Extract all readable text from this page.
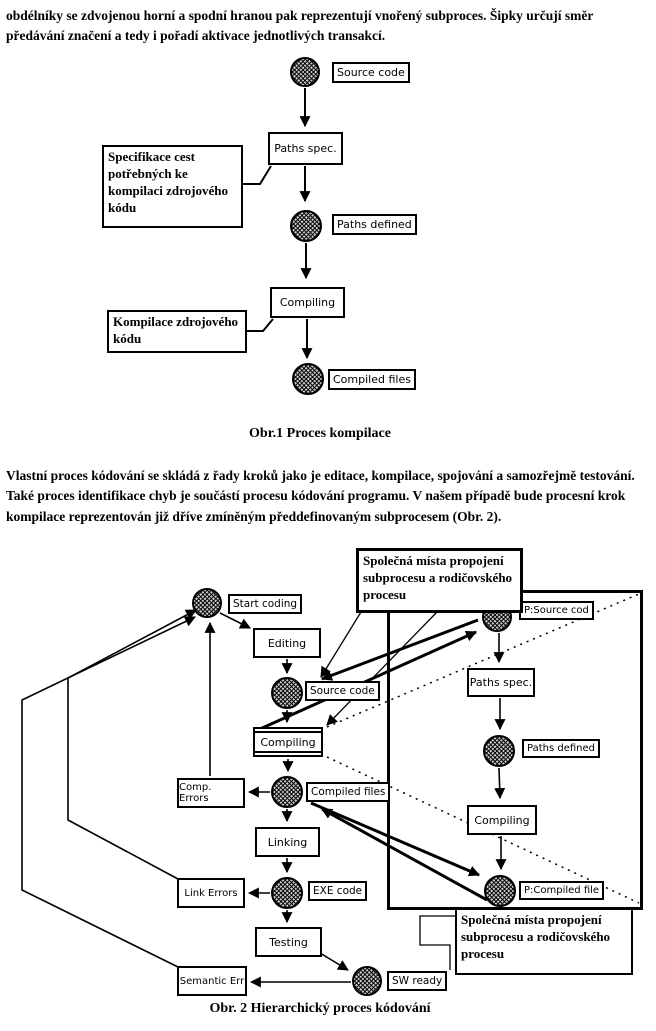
obdélníky se zdvojenou horní a spodní hranou pak reprezentují vnořený subproces. Šipky určují směr předávání značení a tedy i pořadí aktivace jednotlivých transakcí.
Vlastní proces kódování se skládá z řady kroků jako je editace, kompilace, spojování a samozřejmě testování. Také proces identifikace chyb je součástí procesu kódování programu. V našem případě bude procesní krok kompilace reprezentován již dříve zmíněným předdefinovaným subprocesem (Obr. 2).
Source code
Paths spec.
Specifikace cest potřebných ke kompilaci zdrojového kódu
Paths defined
Compiling
Kompilace zdrojového kódu
Compiled files
Obr.1 Proces kompilace
Start coding
Editing
Source code
Compiling
Compiled files
Comp. Errors
Linking
EXE code
Link Errors
Testing
SW ready
Semantic Err
P:Source cod
Paths spec.
Paths defined
Compiling
P:Compiled file
Společná místa propojení subprocesu a rodičovského procesu
Společná místa propojení subprocesu a rodičovského procesu
Obr. 2 Hierarchický proces kódování
